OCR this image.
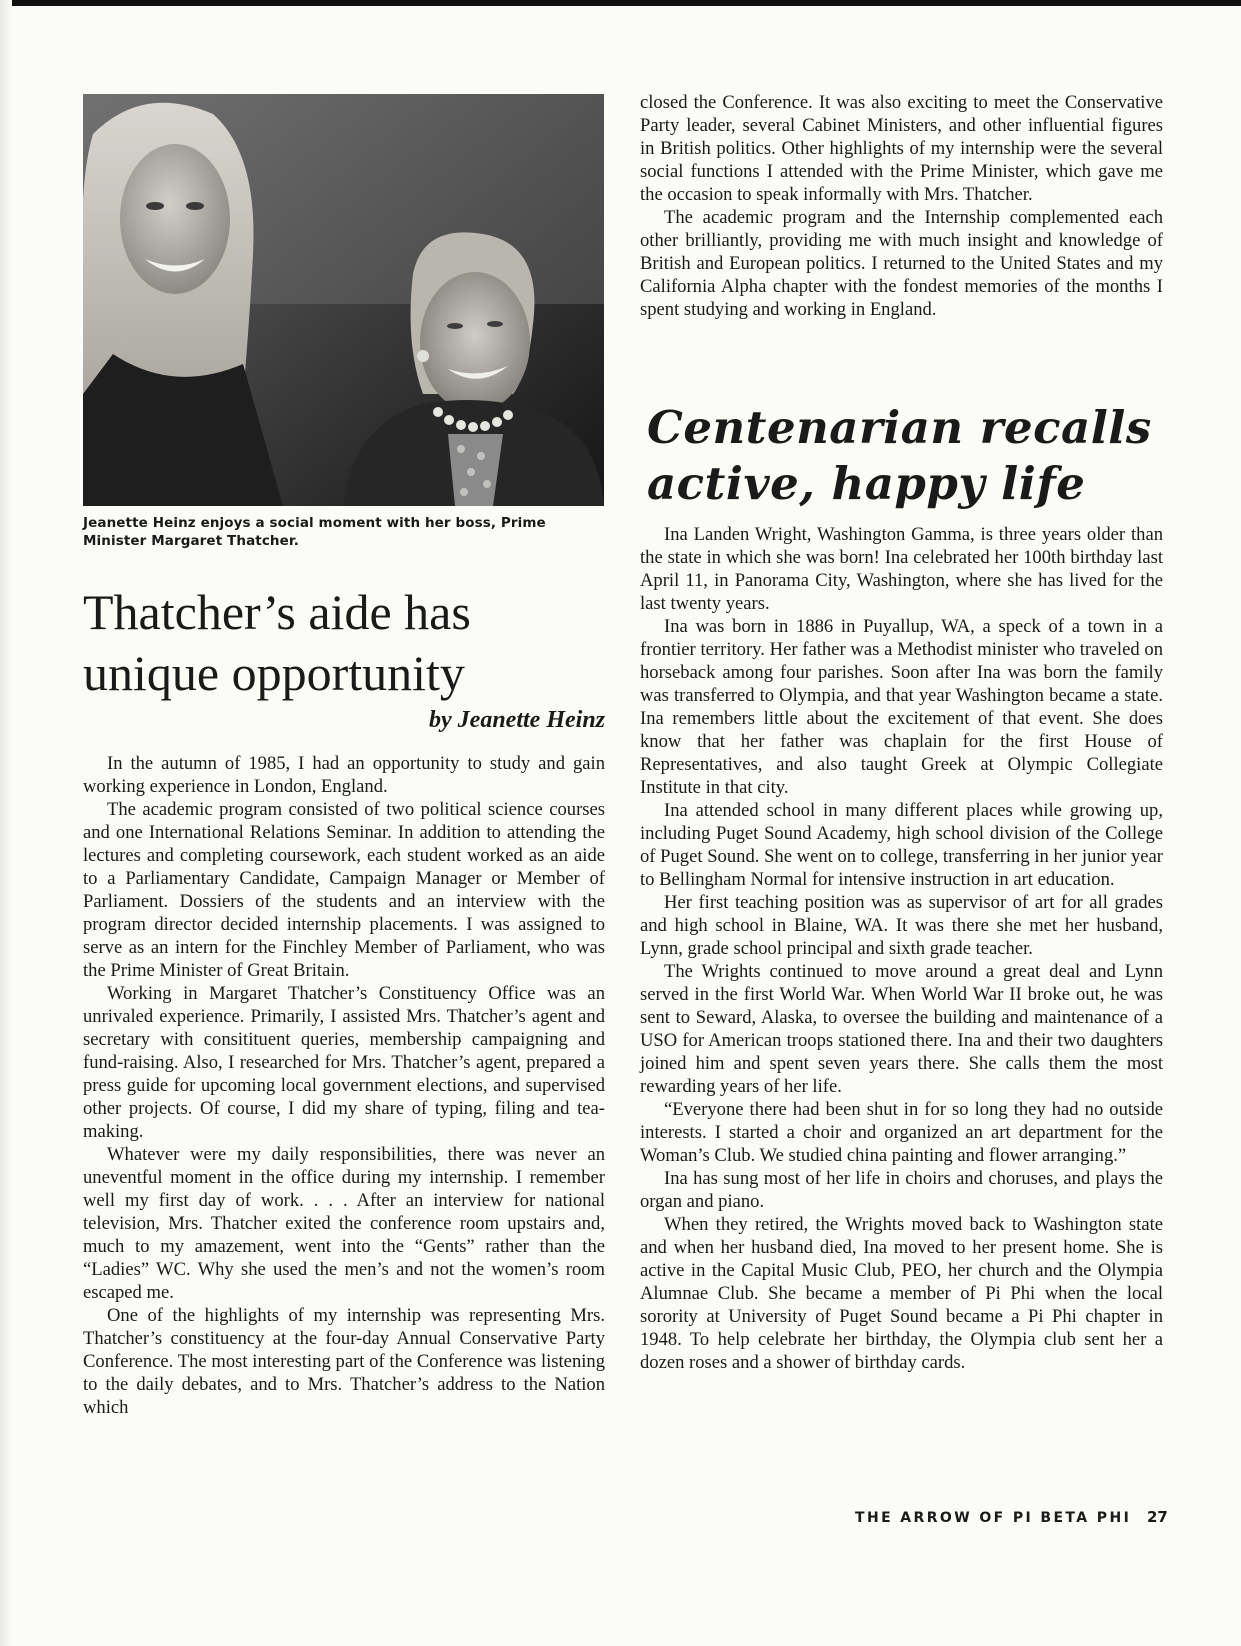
Jeanette Heinz enjoys a social moment with her boss, Prime Minister Margaret Thatcher.
Thatcher’s aide has unique opportunity
by Jeanette Heinz

In the autumn of 1985, I had an opportunity to study and gain working experience in London, England.

The academic program consisted of two political science courses and one International Relations Seminar. In addition to attending the lectures and completing coursework, each student worked as an aide to a Parliamentary Candidate, Campaign Manager or Member of Parliament. Dossiers of the students and an interview with the program director decided internship placements. I was assigned to serve as an intern for the Finchley Member of Parliament, who was the Prime Minister of Great Britain.

Working in Margaret Thatcher’s Constituency Office was an unrivaled experience. Primarily, I assisted Mrs. Thatcher’s agent and secretary with consitituent queries, membership campaigning and fund-raising. Also, I researched for Mrs. Thatcher’s agent, prepared a press guide for upcoming local government elections, and supervised other projects. Of course, I did my share of typing, filing and tea-making.

Whatever were my daily responsibilities, there was never an uneventful moment in the office during my internship. I remember well my first day of work. . . . After an interview for national television, Mrs. Thatcher exited the conference room upstairs and, much to my amazement, went into the “Gents” rather than the “Ladies” WC. Why she used the men’s and not the women’s room escaped me.

One of the highlights of my internship was representing Mrs. Thatcher’s constituency at the four-day Annual Conservative Party Conference. The most interesting part of the Conference was listening to the daily debates, and to Mrs. Thatcher’s address to the Nation which

closed the Conference. It was also exciting to meet the Conservative Party leader, several Cabinet Ministers, and other influential figures in British politics. Other highlights of my internship were the several social functions I attended with the Prime Minister, which gave me the occasion to speak informally with Mrs. Thatcher.

The academic program and the Internship complemented each other brilliantly, providing me with much insight and knowledge of British and European politics. I returned to the United States and my California Alpha chapter with the fondest memories of the months I spent studying and working in England.

Centenarian recalls active, happy life

Ina Landen Wright, Washington Gamma, is three years older than the state in which she was born! Ina celebrated her 100th birthday last April 11, in Panorama City, Washington, where she has lived for the last twenty years.

Ina was born in 1886 in Puyallup, WA, a speck of a town in a frontier territory. Her father was a Methodist minister who traveled on horseback among four parishes. Soon after Ina was born the family was transferred to Olympia, and that year Washington became a state. Ina remembers little about the excitement of that event. She does know that her father was chaplain for the first House of Representatives, and also taught Greek at Olympic Collegiate Institute in that city.

Ina attended school in many different places while growing up, including Puget Sound Academy, high school division of the College of Puget Sound. She went on to college, transferring in her junior year to Bellingham Normal for intensive instruction in art education.

Her first teaching position was as supervisor of art for all grades and high school in Blaine, WA. It was there she met her husband, Lynn, grade school principal and sixth grade teacher.

The Wrights continued to move around a great deal and Lynn served in the first World War. When World War II broke out, he was sent to Seward, Alaska, to oversee the building and maintenance of a USO for American troops stationed there. Ina and their two daughters joined him and spent seven years there. She calls them the most rewarding years of her life.

“Everyone there had been shut in for so long they had no outside interests. I started a choir and organized an art department for the Woman’s Club. We studied china painting and flower arranging.”

Ina has sung most of her life in choirs and choruses, and plays the organ and piano.

When they retired, the Wrights moved back to Washington state and when her husband died, Ina moved to her present home. She is active in the Capital Music Club, PEO, her church and the Olympia Alumnae Club. She became a member of Pi Phi when the local sorority at University of Puget Sound became a Pi Phi chapter in 1948. To help celebrate her birthday, the Olympia club sent her a dozen roses and a shower of birthday cards.

THE ARROW OF PI BETA PHI 27
